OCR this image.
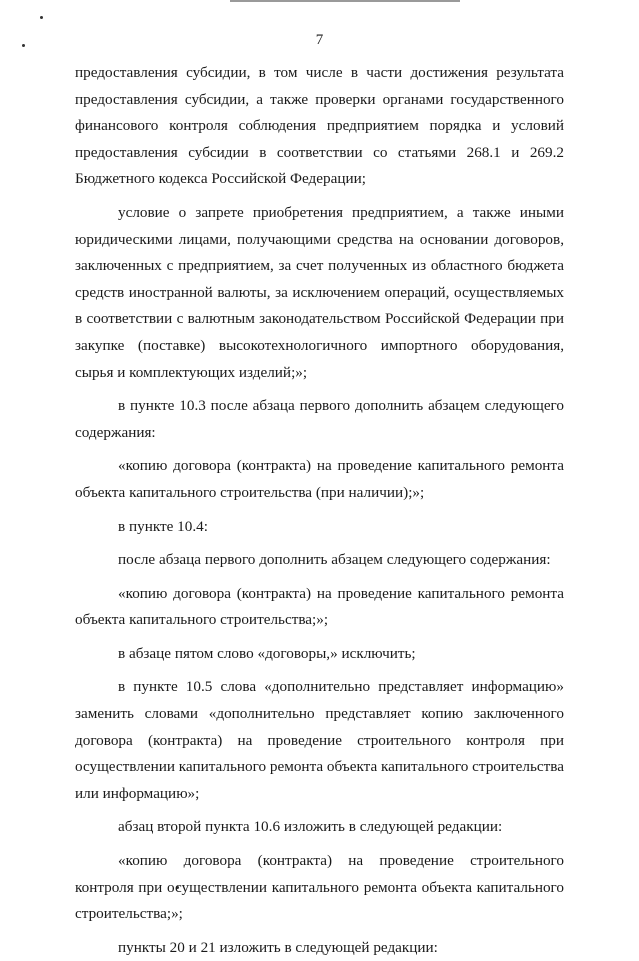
7

предоставления субсидии, в том числе в части достижения результата предоставления субсидии, а также проверки органами государственного финансового контроля соблюдения предприятием порядка и условий предоставления субсидии в соответствии со статьями 268.1 и 269.2 Бюджетного кодекса Российской Федерации;

условие о запрете приобретения предприятием, а также иными юридическими лицами, получающими средства на основании договоров, заключенных с предприятием, за счет полученных из областного бюджета средств иностранной валюты, за исключением операций, осуществляемых в соответствии с валютным законодательством Российской Федерации при закупке (поставке) высокотехнологичного импортного оборудования, сырья и комплектующих изделий;»;

в пункте 10.3 после абзаца первого дополнить абзацем следующего содержания:

«копию договора (контракта) на проведение капитального ремонта объекта капитального строительства (при наличии);»;

в пункте 10.4:

после абзаца первого дополнить абзацем следующего содержания:

«копию договора (контракта) на проведение капитального ремонта объекта капитального строительства;»;

в абзаце пятом слово «договоры,» исключить;

в пункте 10.5 слова «дополнительно представляет информацию» заменить словами «дополнительно представляет копию заключенного договора (контракта) на проведение строительного контроля при осуществлении капитального ремонта объекта капитального строительства или информацию»;

абзац второй пункта 10.6 изложить в следующей редакции:

«копию договора (контракта) на проведение строительного контроля при осуществлении капитального ремонта объекта капитального строительства;»;

пункты 20 и 21 изложить в следующей редакции:
